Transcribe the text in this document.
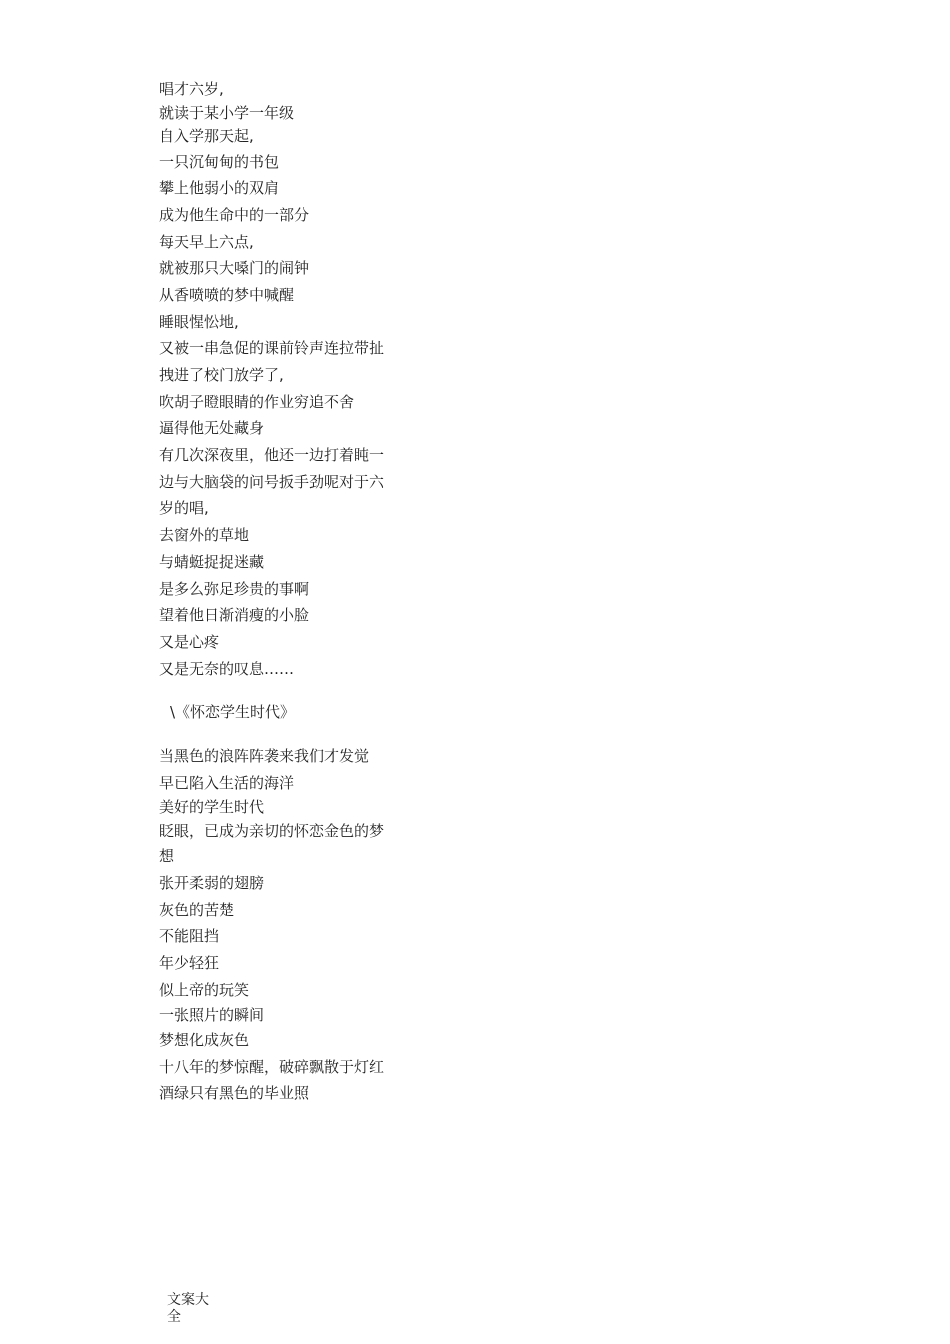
唱才六岁,
就读于某小学一年级
自入学那天起,
一只沉甸甸的书包
攀上他弱小的双肩
成为他生命中的一部分
每天早上六点,
就被那只大嗓门的闹钟
从香喷喷的梦中喊醒
睡眼惺忪地,
又被一串急促的课前铃声连拉带扯
拽进了校门放学了,
吹胡子瞪眼睛的作业穷追不舍
逼得他无处藏身
有几次深夜里，他还一边打着盹一
边与大脑袋的问号扳手劲呢对于六
岁的唱,
去窗外的草地
与蜻蜓捉捉迷藏
是多么弥足珍贵的事啊
望着他日渐消瘦的小脸
又是心疼
又是无奈的叹息……
\《怀恋学生时代》
当黑色的浪阵阵袭来我们才发觉
早已陷入生活的海洋
美好的学生时代
眨眼，已成为亲切的怀恋金色的梦
想
张开柔弱的翅膀
灰色的苦楚
不能阻挡
年少轻狂
似上帝的玩笑
一张照片的瞬间
梦想化成灰色
十八年的梦惊醒，破碎飘散于灯红
酒绿只有黑色的毕业照
文案大全
